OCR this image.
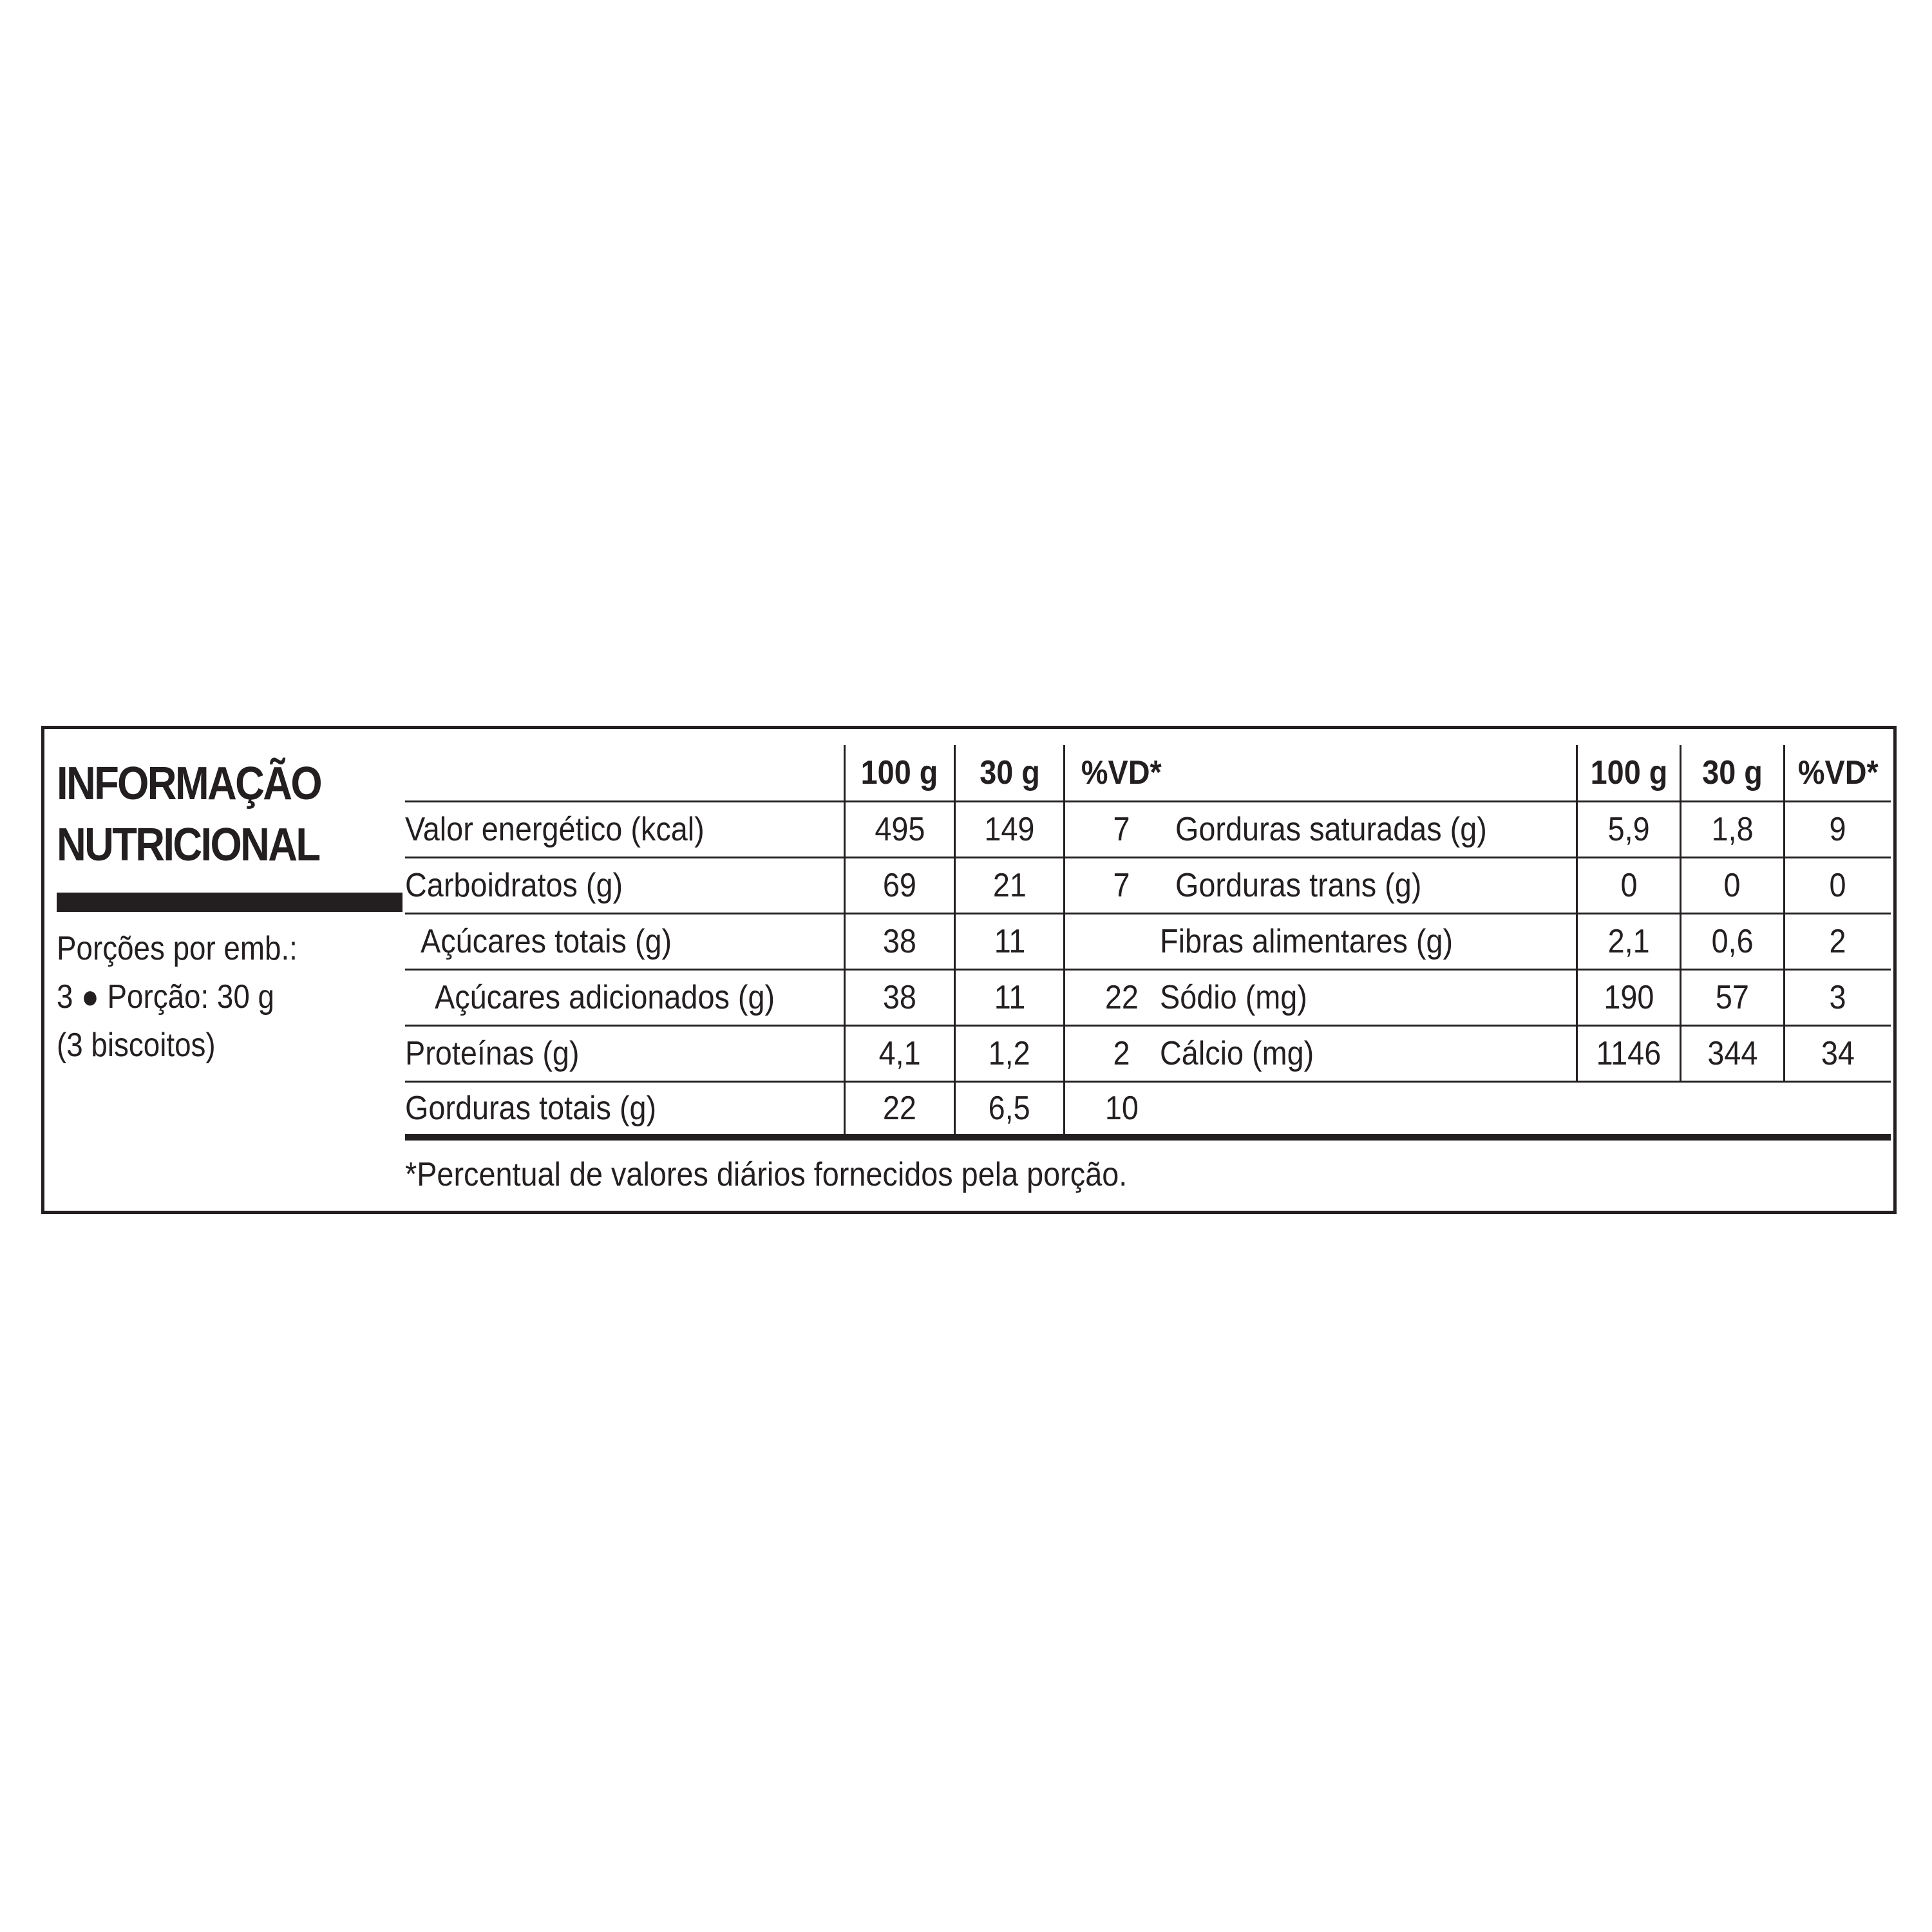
INFORMAÇÃO
NUTRICIONAL
Porções por emb.:
3 ● Porção: 30 g
(3 biscoitos)
	100 g	30 g	%VD*
Valor energético (kcal)	495	149	7
Carboidratos (g)	69	21	7
Açúcares totais (g)	38	11	
Açúcares adicionados (g)	38	11	22
Proteínas (g)	4,1	1,2	2
Gorduras totais (g)	22	6,5	10
	100 g	30 g	%VD*
Gorduras saturadas (g)	5,9	1,8	9
Gorduras trans (g)	0	0	0
Fibras alimentares (g)	2,1	0,6	2
Sódio (mg)	190	57	3
Cálcio (mg)	1146	344	34

*Percentual de valores diários fornecidos pela porção.
